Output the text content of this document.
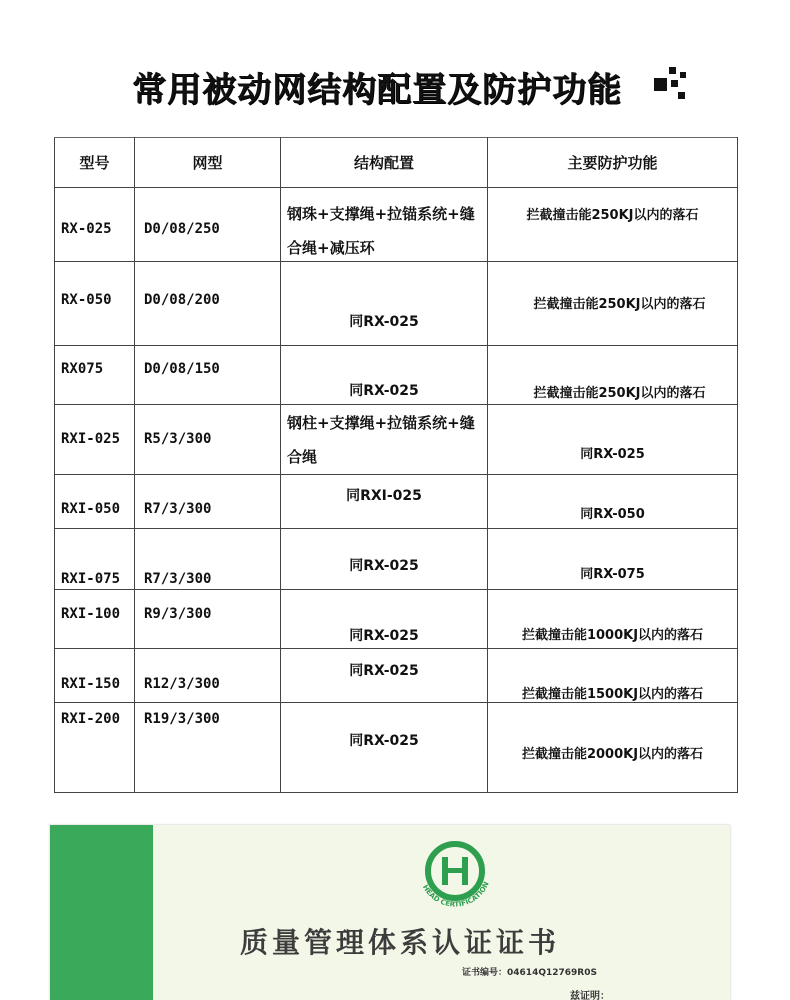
常用被动网结构配置及防护功能
型号	网型	结构配置	主要防护功能

RX-025	D0/08/250	钢珠+支撑绳+拉锚系统+缝合绳+减压环	拦截撞击能250KJ以内的落石

RX-050	D0/08/200	同RX-025	拦截撞击能250KJ以内的落石

RX075	D0/08/150	同RX-025	拦截撞击能250KJ以内的落石

RXI-025	R5/3/300	钢柱+支撑绳+拉锚系统+缝合绳	同RX-025

RXI-050	R7/3/300	同RXI-025	同RX-050

RXI-075	R7/3/300	同RX-025	同RX-075

RXI-100	R9/3/300	同RX-025	拦截撞击能1000KJ以内的落石

RXI-150	R12/3/300	同RX-025	拦截撞击能1500KJ以内的落石

RXI-200	R19/3/300	同RX-025	拦截撞击能2000KJ以内的落石
HEAD CERTIFICATION
质量管理体系认证证书
证书编号：04614Q12769R0S
兹证明：
